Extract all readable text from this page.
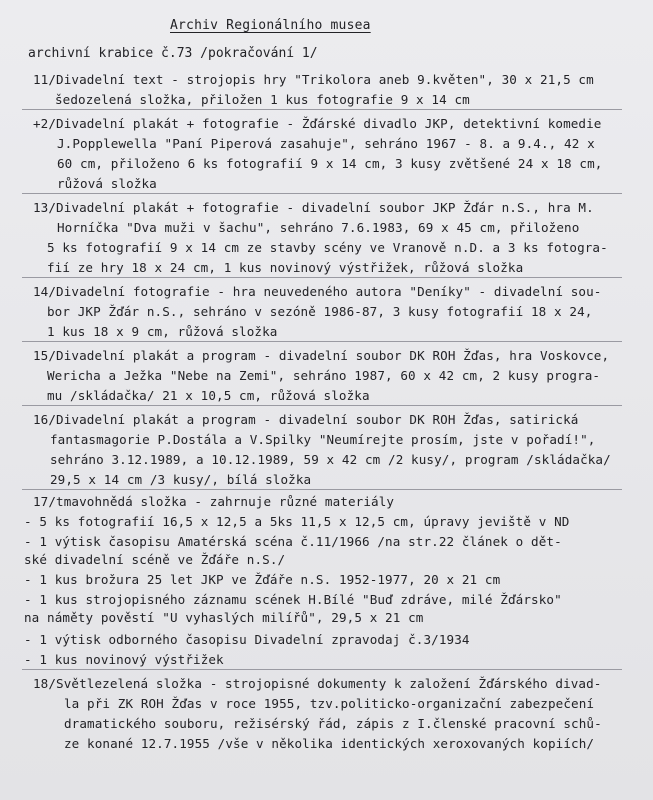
Archiv Regionálního musea
archivní krabice č.73 /pokračování 1/
11/Divadelní text - strojopis hry "Trikolora aneb 9.květen", 30 x 21,5 cm
šedozelená složka, přiložen 1 kus fotografie 9 x 14 cm
+2/Divadelní plakát + fotografie - Žďárské divadlo JKP, detektivní komedie
J.Popplewella "Paní Piperová zasahuje", sehráno 1967 - 8. a 9.4., 42 x
60 cm, přiloženo 6 ks fotografií 9 x 14 cm, 3 kusy zvětšené 24 x 18 cm,
růžová složka
13/Divadelní plakát + fotografie - divadelní soubor JKP Žďár n.S., hra M.
Horníčka "Dva muži v šachu", sehráno 7.6.1983, 69 x 45 cm, přiloženo
5 ks fotografií 9 x 14 cm ze stavby scény ve Vranově n.D. a 3 ks fotogra-
fií ze hry 18 x 24 cm, 1 kus novinový výstřižek, růžová složka
14/Divadelní fotografie - hra neuvedeného autora "Deníky" - divadelní sou-
bor JKP Žďár n.S., sehráno v sezóně 1986-87, 3 kusy fotografií 18 x 24,
1 kus 18 x 9 cm, růžová složka
15/Divadelní plakát a program - divadelní soubor DK ROH Žďas, hra Voskovce,
Wericha a Ježka "Nebe na Zemi", sehráno 1987, 60 x 42 cm, 2 kusy progra-
mu /skládačka/ 21 x 10,5 cm, růžová složka
16/Divadelní plakát a program - divadelní soubor DK ROH Žďas, satirická
fantasmagorie P.Dostála a V.Spilky "Neumírejte prosím, jste v pořadí!",
sehráno 3.12.1989, a 10.12.1989, 59 x 42 cm /2 kusy/, program /skládačka/
29,5 x 14 cm /3 kusy/, bílá složka
17/tmavohnědá složka - zahrnuje různé materiály
- 5 ks fotografií 16,5 x 12,5 a 5ks 11,5 x 12,5 cm, úpravy jeviště v ND
- 1 výtisk časopisu Amatérská scéna č.11/1966 /na str.22 článek o dět-
ské divadelní scéně ve Žďáře n.S./
- 1 kus brožura 25 let JKP ve Žďáře n.S. 1952-1977, 20 x 21 cm
- 1 kus strojopisného záznamu scének H.Bílé "Buď zdráve, milé Žďársko"
na náměty pověstí "U vyhaslých milířů", 29,5 x 21 cm
- 1 výtisk odborného časopisu Divadelní zpravodaj č.3/1934
- 1 kus novinový výstřižek
18/Světlezelená složka - strojopisné dokumenty k založení Žďárského divad-
la při ZK ROH Žďas v roce 1955, tzv.politicko-organizační zabezpečení
dramatického souboru, režisérský řád, zápis z I.členské pracovní schů-
ze konané 12.7.1955 /vše v několika identických xeroxovaných kopiích/
